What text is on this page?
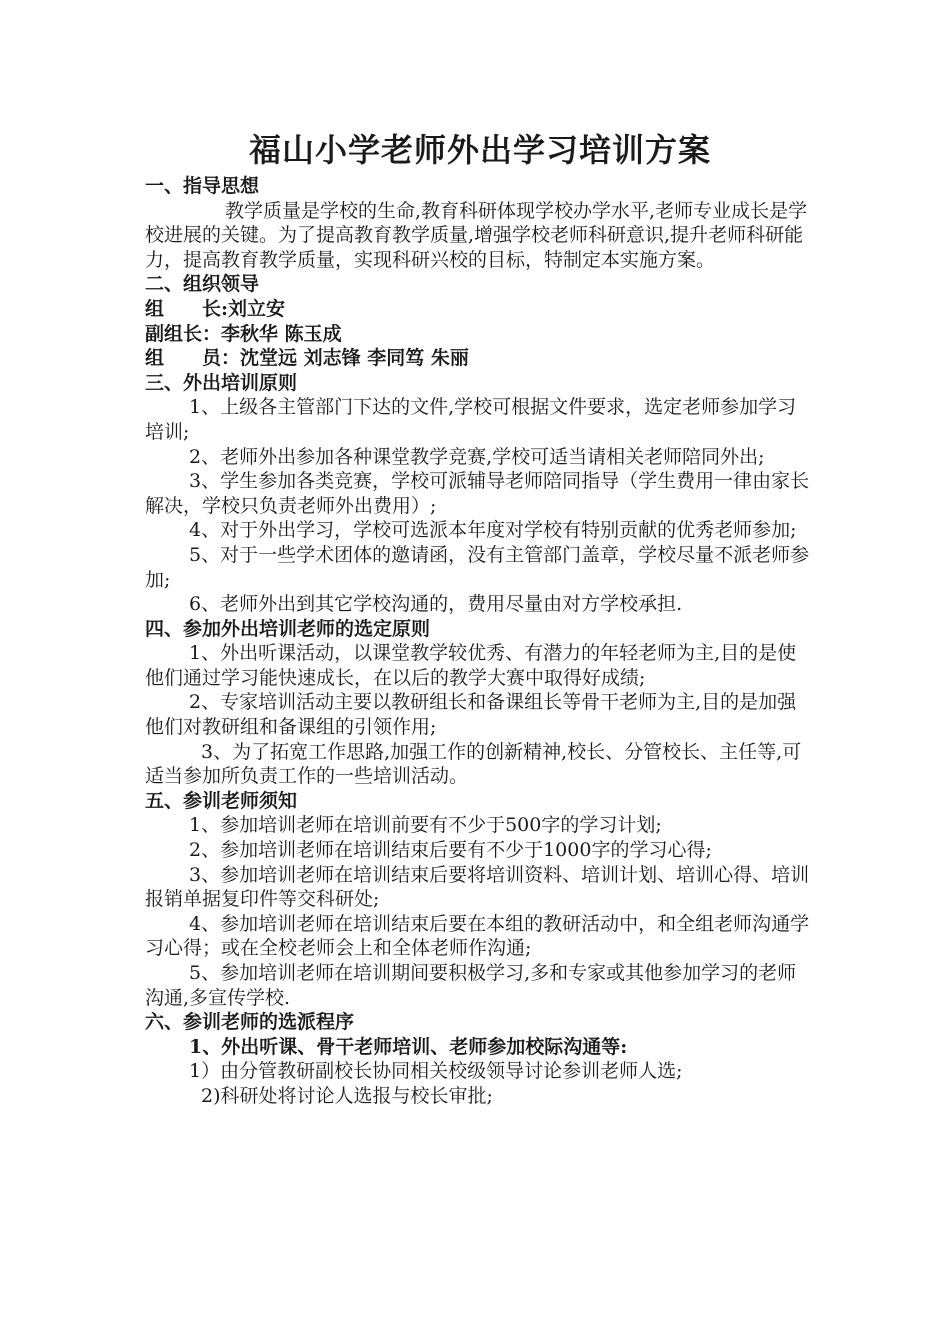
福山小学老师外出学习培训方案

一、指导思想

教学质量是学校的生命,教育科研体现学校办学水平,老师专业成长是学校进展的关键。为了提高教育教学质量,增强学校老师科研意识,提升老师科研能力，提高教育教学质量，实现科研兴校的目标，特制定本实施方案。

二、组织领导

组　　长:刘立安

副组长：李秋华 陈玉成

组　　员：沈堂远 刘志锋 李同笃 朱丽

三、外出培训原则

1、上级各主管部门下达的文件,学校可根据文件要求，选定老师参加学习培训;

2、老师外出参加各种课堂教学竞赛,学校可适当请相关老师陪同外出;

3、学生参加各类竞赛，学校可派辅导老师陪同指导（学生费用一律由家长解决，学校只负责老师外出费用）;

4、对于外出学习，学校可选派本年度对学校有特别贡献的优秀老师参加;

5、对于一些学术团体的邀请函，没有主管部门盖章，学校尽量不派老师参加;

6、老师外出到其它学校沟通的，费用尽量由对方学校承担.

四、参加外出培训老师的选定原则

1、外出听课活动，以课堂教学较优秀、有潜力的年轻老师为主,目的是使他们通过学习能快速成长，在以后的教学大赛中取得好成绩;

2、专家培训活动主要以教研组长和备课组长等骨干老师为主,目的是加强他们对教研组和备课组的引领作用;

3、为了拓宽工作思路,加强工作的创新精神,校长、分管校长、主任等,可适当参加所负责工作的一些培训活动。

五、参训老师须知

1、参加培训老师在培训前要有不少于500字的学习计划;

2、参加培训老师在培训结束后要有不少于1000字的学习心得;

3、参加培训老师在培训结束后要将培训资料、培训计划、培训心得、培训报销单据复印件等交科研处;

4、参加培训老师在培训结束后要在本组的教研活动中，和全组老师沟通学习心得；或在全校老师会上和全体老师作沟通;

5、参加培训老师在培训期间要积极学习,多和专家或其他参加学习的老师沟通,多宣传学校.

六、参训老师的选派程序

1、外出听课、骨干老师培训、老师参加校际沟通等:

1）由分管教研副校长协同相关校级领导讨论参训老师人选;

2)科研处将讨论人选报与校长审批;
